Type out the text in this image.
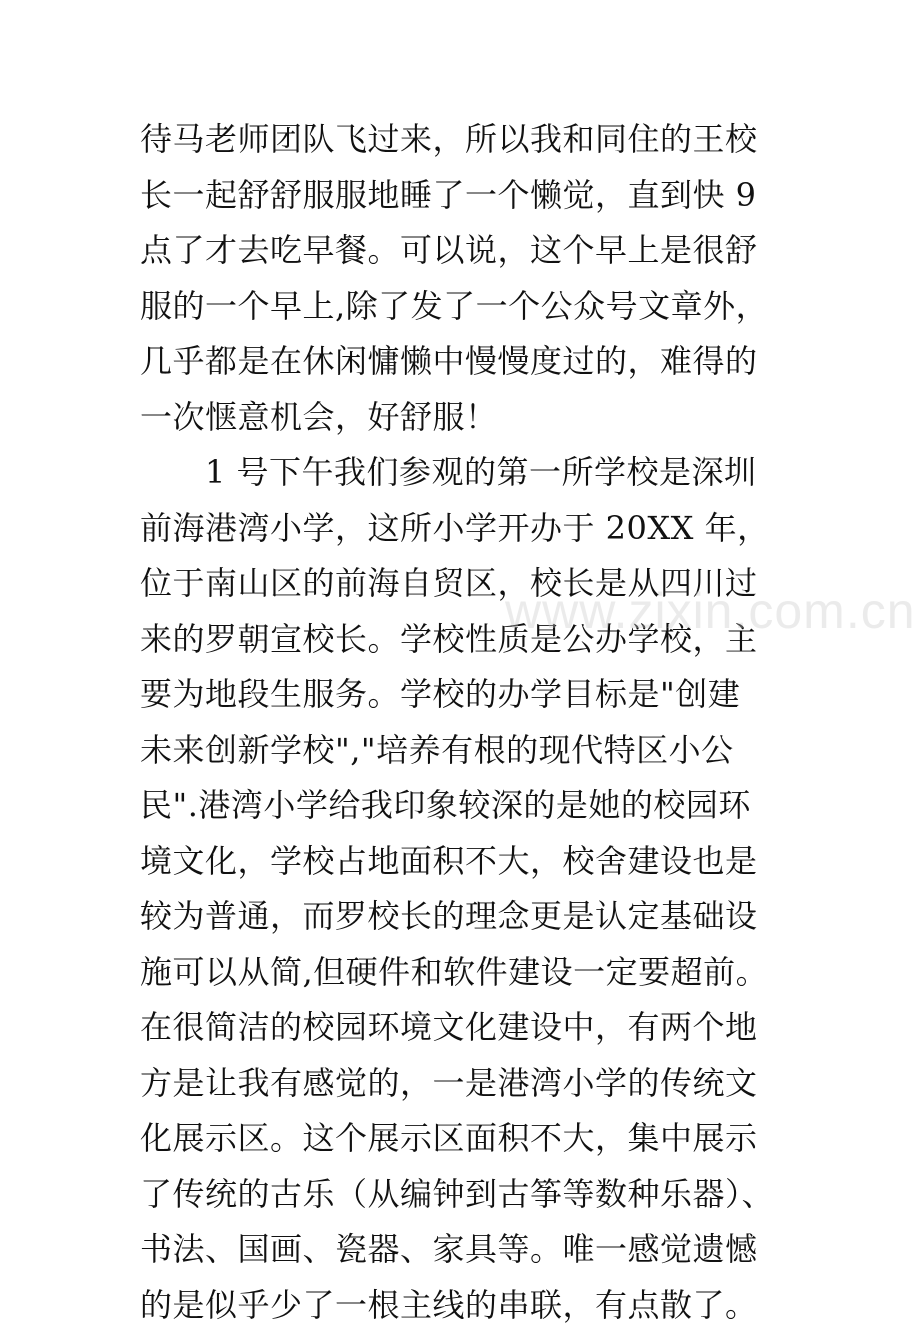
待马老师团队飞过来，所以我和同住的王校
长一起舒舒服服地睡了一个懒觉，直到快 9
点了才去吃早餐。可以说，这个早上是很舒
服的一个早上,除了发了一个公众号文章外，
几乎都是在休闲慵懒中慢慢度过的，难得的
一次惬意机会，好舒服！
　　1 号下午我们参观的第一所学校是深圳
前海港湾小学，这所小学开办于 20XX 年，
位于南山区的前海自贸区，校长是从四川过
来的罗朝宣校长。学校性质是公办学校，主
要为地段生服务。学校的办学目标是"创建
未来创新学校","培养有根的现代特区小公
民".港湾小学给我印象较深的是她的校园环
境文化，学校占地面积不大，校舍建设也是
较为普通，而罗校长的理念更是认定基础设
施可以从简,但硬件和软件建设一定要超前。
在很简洁的校园环境文化建设中，有两个地
方是让我有感觉的，一是港湾小学的传统文
化展示区。这个展示区面积不大，集中展示
了传统的古乐（从编钟到古筝等数种乐器）、
书法、国画、瓷器、家具等。唯一感觉遗憾
的是似乎少了一根主线的串联，有点散了。
www.zixin.com.cn
